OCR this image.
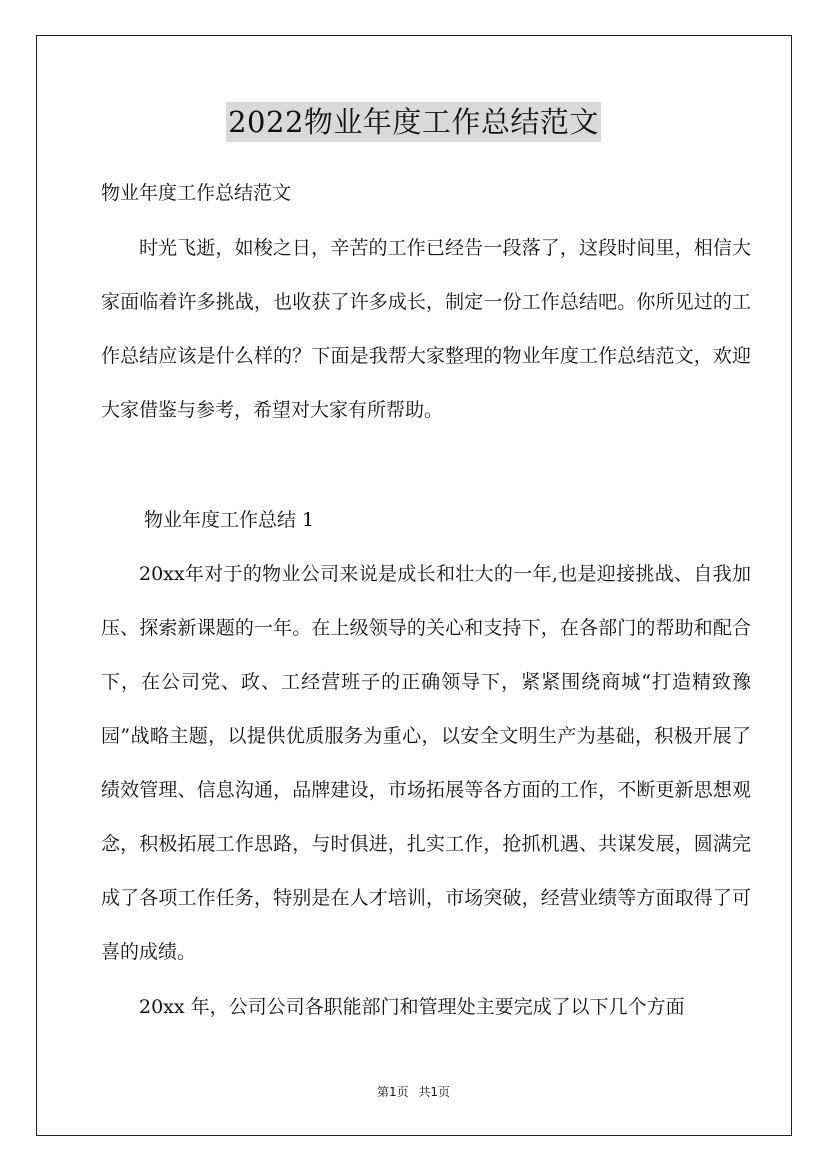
2022物业年度工作总结范文
物业年度工作总结范文
时光飞逝，如梭之日，辛苦的工作已经告一段落了，这段时间里，相信大家面临着许多挑战，也收获了许多成长，制定一份工作总结吧。你所见过的工作总结应该是什么样的？下面是我帮大家整理的物业年度工作总结范文，欢迎大家借鉴与参考，希望对大家有所帮助。
物业年度工作总结 1
20xx年对于的物业公司来说是成长和壮大的一年,也是迎接挑战、自我加压、探索新课题的一年。在上级领导的关心和支持下，在各部门的帮助和配合下，在公司党、政、工经营班子的正确领导下，紧紧围绕商城“打造精致豫园”战略主题，以提供优质服务为重心，以安全文明生产为基础，积极开展了绩效管理、信息沟通，品牌建设，市场拓展等各方面的工作，不断更新思想观念，积极拓展工作思路，与时俱进，扎实工作，抢抓机遇、共谋发展，圆满完成了各项工作任务，特别是在人才培训，市场突破，经营业绩等方面取得了可喜的成绩。
20xx 年，公司公司各职能部门和管理处主要完成了以下几个方面
第1页 共1页
